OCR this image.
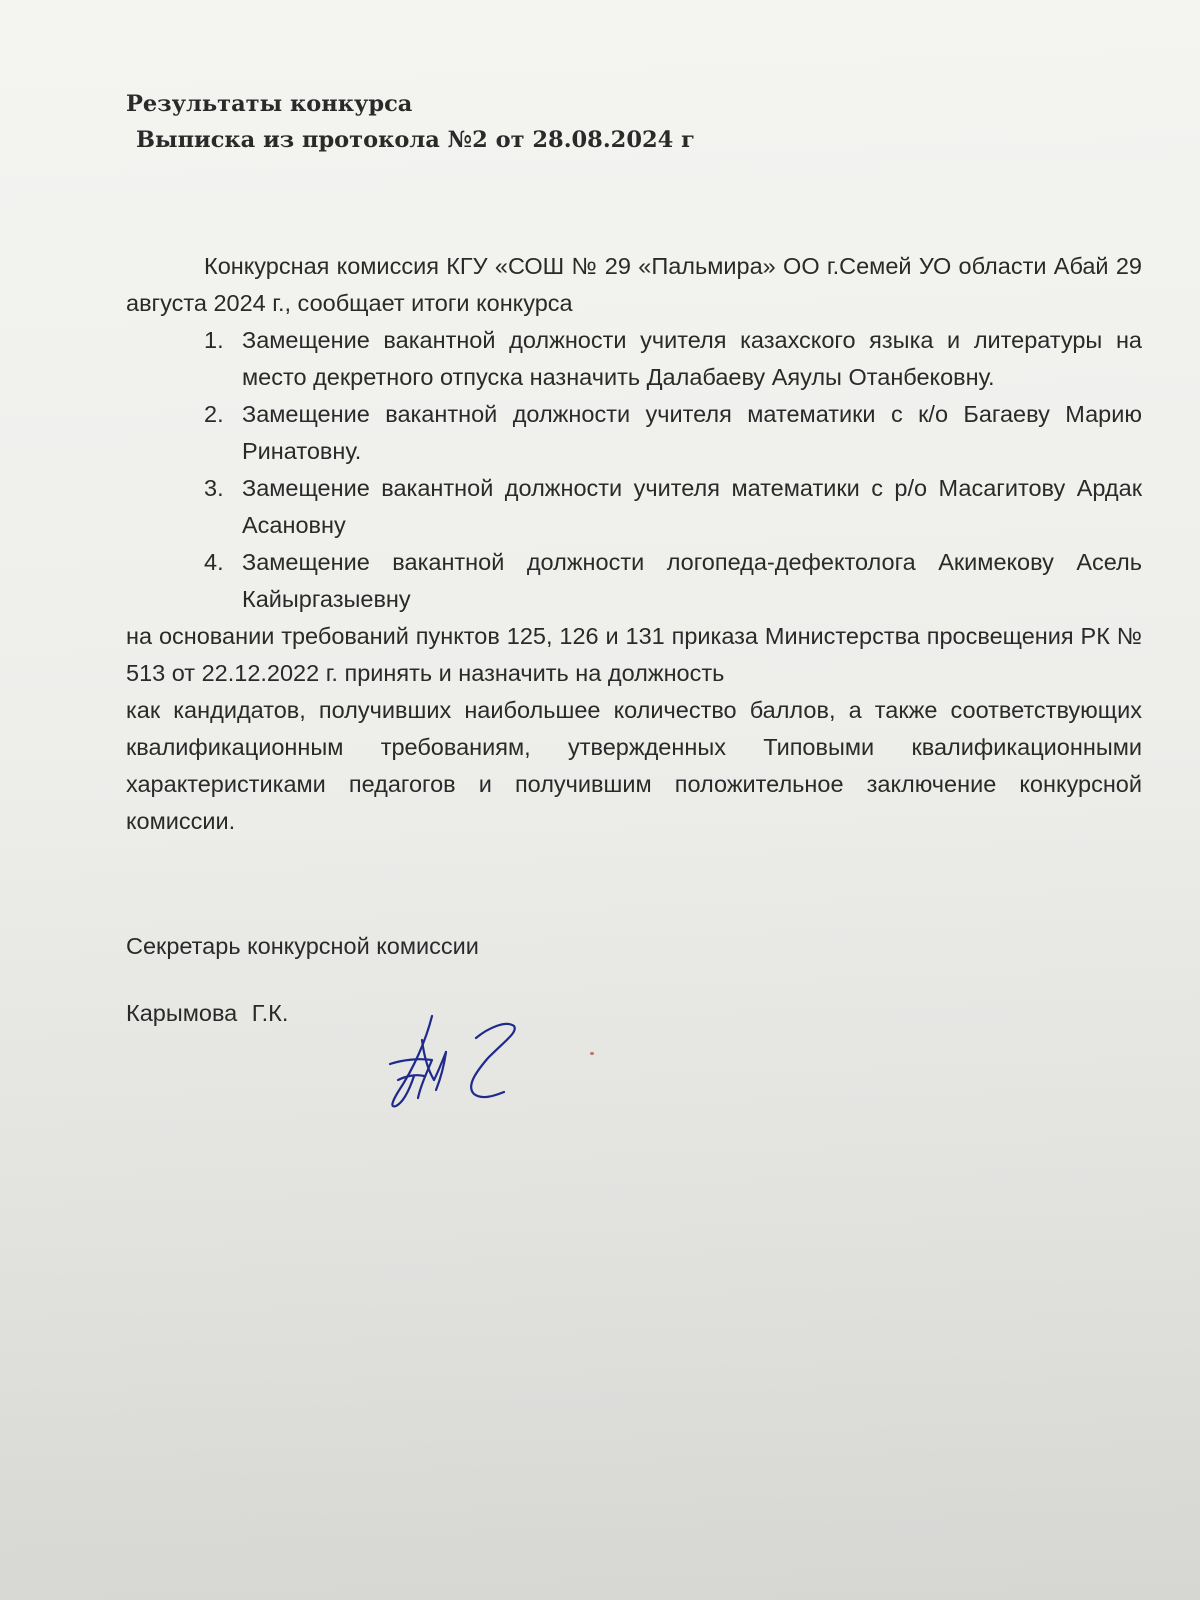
Результаты конкурса

Выписка из протокола №2 от 28.08.2024 г

Конкурсная комиссия КГУ «СОШ № 29 «Пальмира» ОО г.Семей УО области Абай 29 августа 2024 г., сообщает итоги конкурса

1. Замещение вакантной должности учителя казахского языка и литературы на место декретного отпуска назначить Далабаеву Аяулы Отанбековну.
2. Замещение вакантной должности учителя математики с к/о Багаеву Марию Ринатовну.
3. Замещение вакантной должности учителя математики с р/о Масагитову Ардак Асановну
4. Замещение вакантной должности логопеда-дефектолога Акимекову Асель Кайыргазыевну

на основании требований пунктов 125, 126 и 131 приказа Министерства просвещения РК № 513 от 22.12.2022 г. принять и назначить на должность

как кандидатов, получивших наибольшее количество баллов, а также соответствующих квалификационным требованиям, утвержденных Типовыми квалификационными характеристиками педагогов и получившим положительное заключение конкурсной комиссии.

Секретарь конкурсной комиссии

Карымова Г.К.
